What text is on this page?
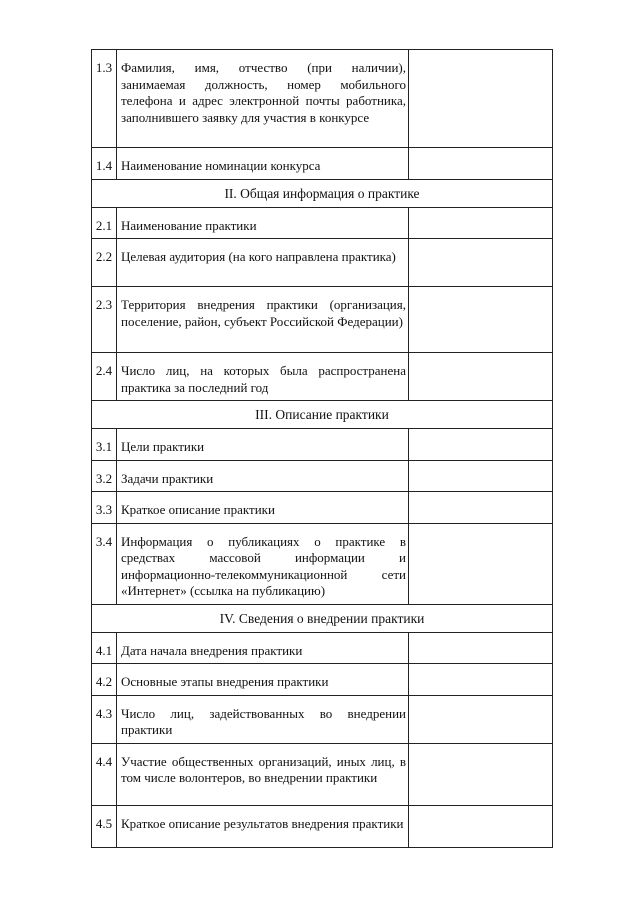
1.3	Фамилия, имя, отчество (при наличии), занимаемая должность, номер мобильного телефона и адрес электронной почты работника, заполнившего заявку для участия в конкурсе	
1.4	Наименование номинации конкурса	
II. Общая информация о практике		
2.1	Наименование практики	
2.2	Целевая аудитория (на кого направлена практика)	
2.3	Территория внедрения практики (организация, поселение, район, субъект Российской Федерации)	
2.4	Число лиц, на которых была распространена практика за последний год	
III. Описание практики		
3.1	Цели практики	
3.2	Задачи практики	
3.3	Краткое описание практики	
3.4	Информация о публикациях о практике в средствах массовой информации и информационно-телекоммуникационной сети «Интернет» (ссылка на публикацию)	
IV. Сведения о внедрении практики		
4.1	Дата начала внедрения практики	
4.2	Основные этапы внедрения практики	
4.3	Число лиц, задействованных во внедрении практики	
4.4	Участие общественных организаций, иных лиц, в том числе волонтеров, во внедрении практики	
4.5	Краткое описание результатов внедрения практики	
